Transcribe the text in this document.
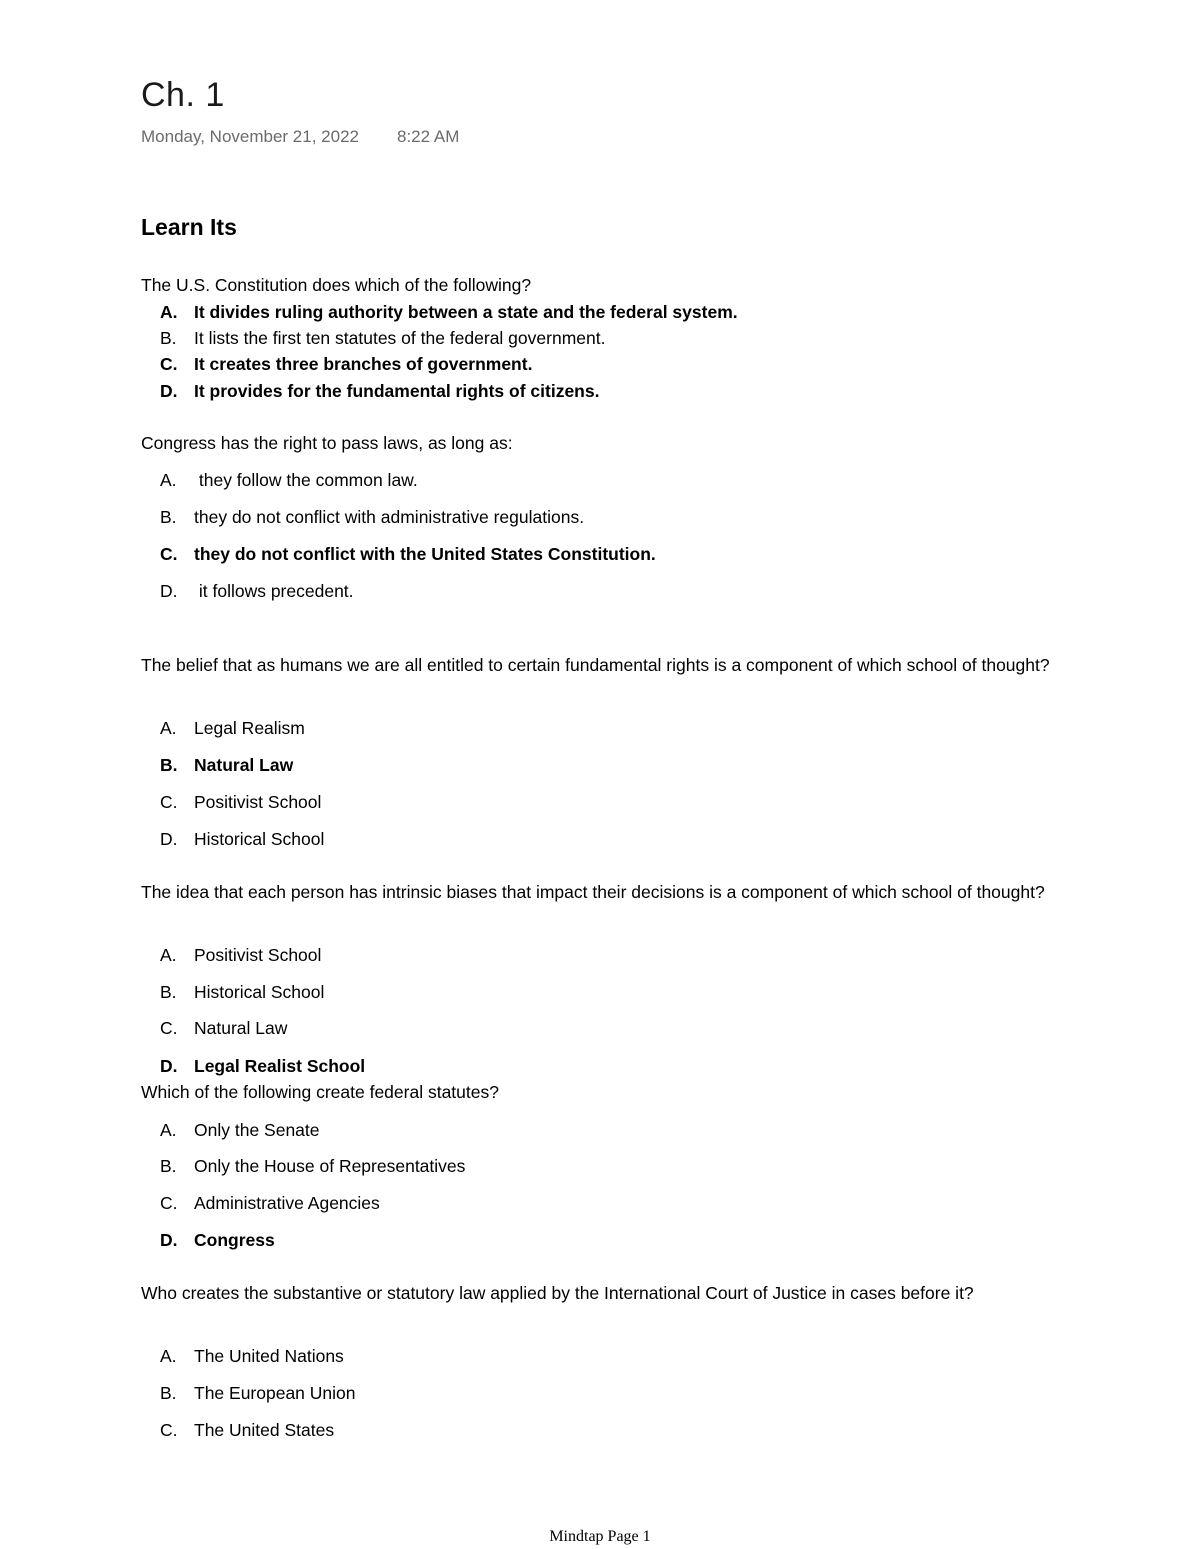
Ch. 1
Monday, November 21, 2022 8:22 AM
Learn Its
The U.S. Constitution does which of the following?
A. It divides ruling authority between a state and the federal system.
B. It lists the first ten statutes of the federal government.
C. It creates three branches of government.
D. It provides for the fundamental rights of citizens.
Congress has the right to pass laws, as long as:
A. they follow the common law.
B. they do not conflict with administrative regulations.
C. they do not conflict with the United States Constitution.
D. it follows precedent.
The belief that as humans we are all entitled to certain fundamental rights is a component of which school of thought?
A. Legal Realism
B. Natural Law
C. Positivist School
D. Historical School
The idea that each person has intrinsic biases that impact their decisions is a component of which school of thought?
A. Positivist School
B. Historical School
C. Natural Law
D. Legal Realist School
Which of the following create federal statutes?
A. Only the Senate
B. Only the House of Representatives
C. Administrative Agencies
D. Congress
Who creates the substantive or statutory law applied by the International Court of Justice in cases before it?
A. The United Nations
B. The European Union
C. The United States
Mindtap Page 1
